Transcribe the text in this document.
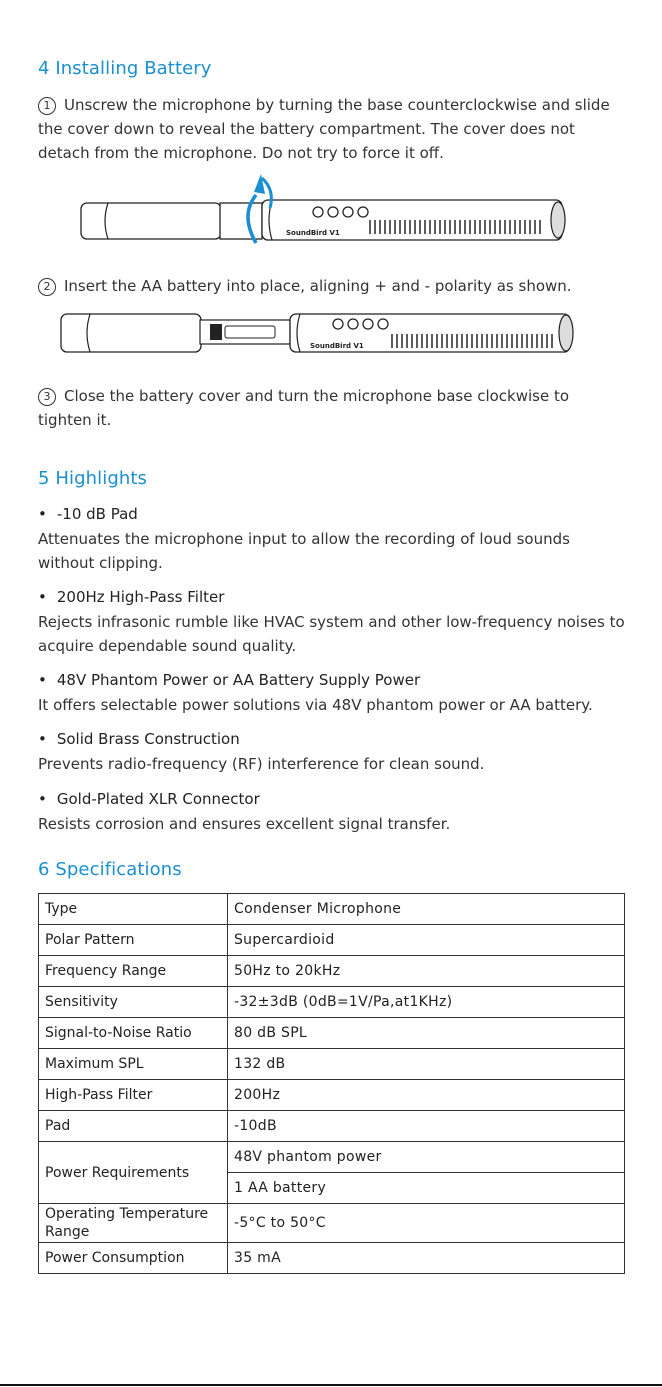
4 Installing Battery
1 Unscrew the microphone by turning the base counterclockwise and slide the cover down to reveal the battery compartment. The cover does not detach from the microphone. Do not try to force it off.
SoundBird V1
2 Insert the AA battery into place, aligning + and - polarity as shown.
SoundBird V1
3 Close the battery cover and turn the microphone base clockwise to tighten it.
5 Highlights
• -10 dB Pad
Attenuates the microphone input to allow the recording of loud sounds without clipping.
• 200Hz High-Pass Filter
Rejects infrasonic rumble like HVAC system and other low-frequency noises to acquire dependable sound quality.
• 48V Phantom Power or AA Battery Supply Power
It offers selectable power solutions via 48V phantom power or AA battery.
• Solid Brass Construction
Prevents radio-frequency (RF) interference for clean sound.
• Gold-Plated XLR Connector
Resists corrosion and ensures excellent signal transfer.
6 Specifications
Type	Condenser Microphone
Polar Pattern	Supercardioid
Frequency Range	50Hz to 20kHz
Sensitivity	-32±3dB (0dB=1V/Pa,at1KHz)
Signal-to-Noise Ratio	80 dB SPL
Maximum SPL	132 dB
High-Pass Filter	200Hz
Pad	-10dB
Power Requirements	48V phantom power
	1 AA battery
Operating Temperature Range	-5°C to 50°C
Power Consumption	35 mA
